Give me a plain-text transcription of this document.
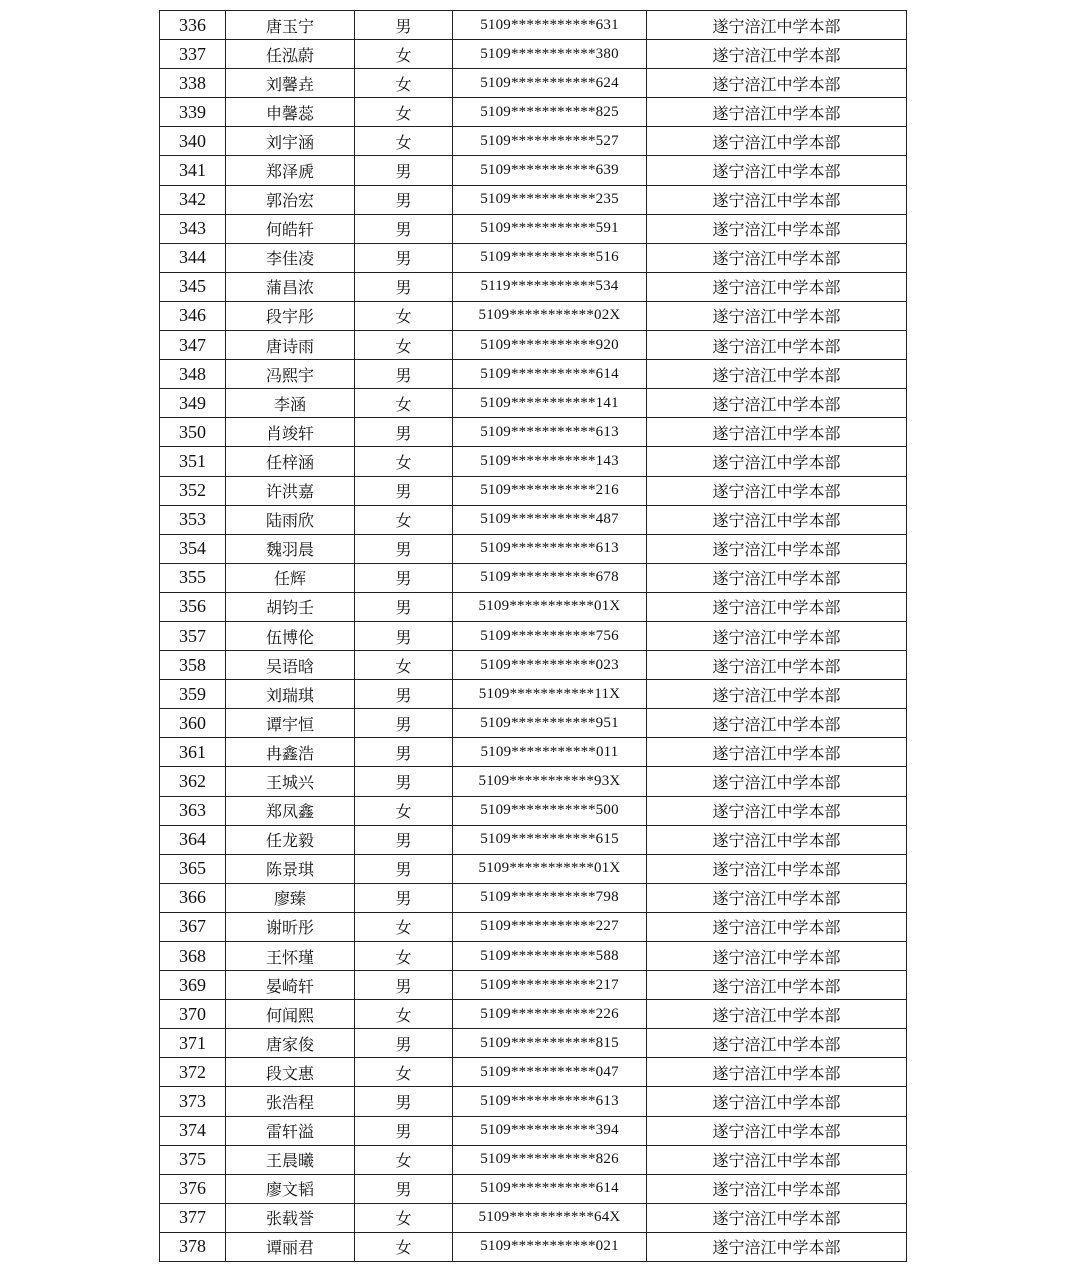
336	唐玉宁	男	5109***********631	遂宁涪江中学本部
337	任泓蔚	女	5109***********380	遂宁涪江中学本部
338	刘馨垚	女	5109***********624	遂宁涪江中学本部
339	申馨蕊	女	5109***********825	遂宁涪江中学本部
340	刘宇涵	女	5109***********527	遂宁涪江中学本部
341	郑泽虒	男	5109***********639	遂宁涪江中学本部
342	郭治宏	男	5109***********235	遂宁涪江中学本部
343	何皓轩	男	5109***********591	遂宁涪江中学本部
344	李佳凌	男	5109***********516	遂宁涪江中学本部
345	蒲昌浓	男	5119***********534	遂宁涪江中学本部
346	段宇彤	女	5109***********02X	遂宁涪江中学本部
347	唐诗雨	女	5109***********920	遂宁涪江中学本部
348	冯熙宇	男	5109***********614	遂宁涪江中学本部
349	李涵	女	5109***********141	遂宁涪江中学本部
350	肖竣轩	男	5109***********613	遂宁涪江中学本部
351	任梓涵	女	5109***********143	遂宁涪江中学本部
352	许洪嘉	男	5109***********216	遂宁涪江中学本部
353	陆雨欣	女	5109***********487	遂宁涪江中学本部
354	魏羽晨	男	5109***********613	遂宁涪江中学本部
355	任辉	男	5109***********678	遂宁涪江中学本部
356	胡钧壬	男	5109***********01X	遂宁涪江中学本部
357	伍博伦	男	5109***********756	遂宁涪江中学本部
358	吴语晗	女	5109***********023	遂宁涪江中学本部
359	刘瑞琪	男	5109***********11X	遂宁涪江中学本部
360	谭宇恒	男	5109***********951	遂宁涪江中学本部
361	冉鑫浩	男	5109***********011	遂宁涪江中学本部
362	王城兴	男	5109***********93X	遂宁涪江中学本部
363	郑凤鑫	女	5109***********500	遂宁涪江中学本部
364	任龙毅	男	5109***********615	遂宁涪江中学本部
365	陈景琪	男	5109***********01X	遂宁涪江中学本部
366	廖臻	男	5109***********798	遂宁涪江中学本部
367	谢昕彤	女	5109***********227	遂宁涪江中学本部
368	王怀瑾	女	5109***********588	遂宁涪江中学本部
369	晏崎轩	男	5109***********217	遂宁涪江中学本部
370	何闻熙	女	5109***********226	遂宁涪江中学本部
371	唐家俊	男	5109***********815	遂宁涪江中学本部
372	段文惠	女	5109***********047	遂宁涪江中学本部
373	张浩程	男	5109***********613	遂宁涪江中学本部
374	雷轩溢	男	5109***********394	遂宁涪江中学本部
375	王晨曦	女	5109***********826	遂宁涪江中学本部
376	廖文韬	男	5109***********614	遂宁涪江中学本部
377	张载誉	女	5109***********64X	遂宁涪江中学本部
378	谭丽君	女	5109***********021	遂宁涪江中学本部
